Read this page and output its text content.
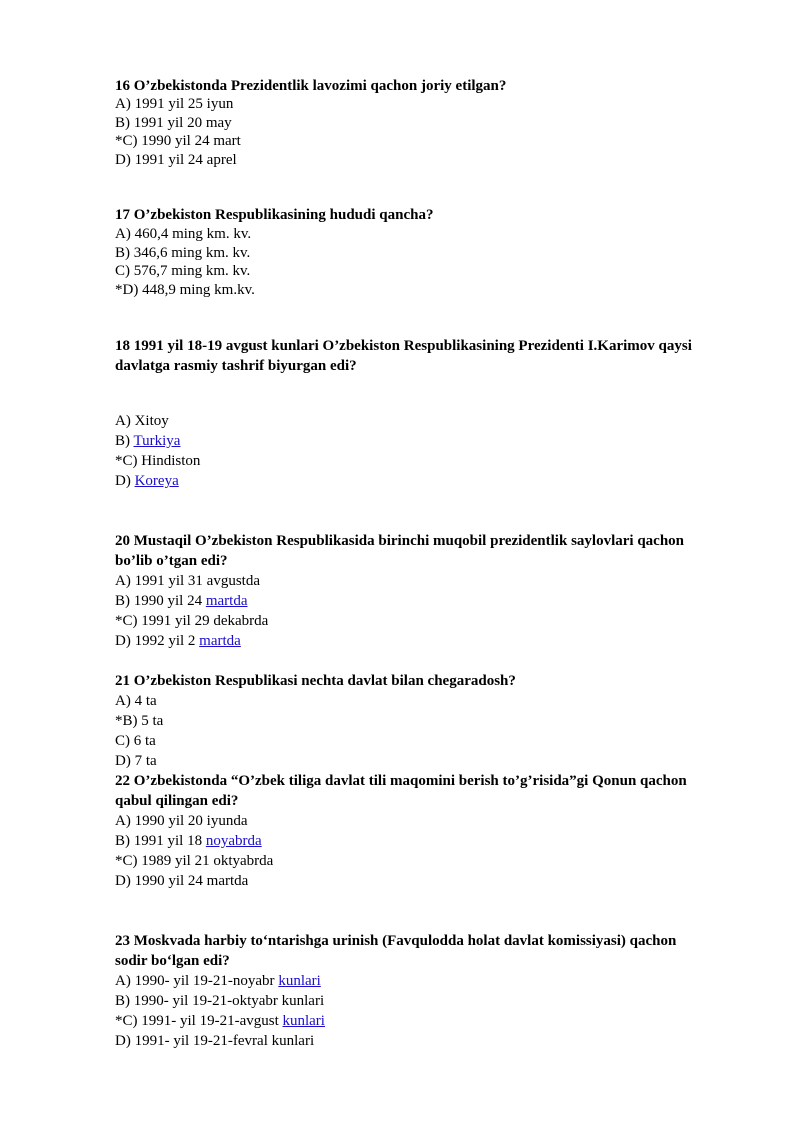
16 O’zbekistonda Prezidentlik lavozimi qachon joriy etilgan?
A) 1991 yil 25 iyun
B) 1991 yil 20 may
*C) 1990 yil 24 mart
D) 1991 yil 24 aprel
17 O’zbekiston Respublikasining hududi qancha?
A) 460,4 ming km. kv.
B) 346,6 ming km. kv.
C) 576,7 ming km. kv.
*D) 448,9 ming km.kv.
18 1991 yil 18-19 avgust kunlari O’zbekiston Respublikasining Prezidenti I.Karimov qaysi
davlatga rasmiy tashrif biyurgan edi?
A) Xitoy
B) Turkiya
*C) Hindiston
D) Koreya
20 Mustaqil O’zbekiston Respublikasida birinchi muqobil prezidentlik saylovlari qachon
bo’lib o’tgan edi?
A) 1991 yil 31 avgustda
B) 1990 yil 24 martda
*C) 1991 yil 29 dekabrda
D) 1992 yil 2 martda
21 O’zbekiston Respublikasi nechta davlat bilan chegaradosh?
A) 4 ta
*B) 5 ta
C) 6 ta
D) 7 ta
22 O’zbekistonda “O’zbek tiliga davlat tili maqomini berish to’g’risida”gi Qonun qachon
qabul qilingan edi?
A) 1990 yil 20 iyunda
B) 1991 yil 18 noyabrda
*C) 1989 yil 21 oktyabrda
D) 1990 yil 24 martda
23 Moskvada harbiy to‘ntarishga urinish (Favqulodda holat davlat komissiyasi) qachon
sodir bo‘lgan edi?
A) 1990- yil 19-21-noyabr kunlari
B) 1990- yil 19-21-oktyabr kunlari
*C) 1991- yil 19-21-avgust kunlari
D) 1991- yil 19-21-fevral kunlari
